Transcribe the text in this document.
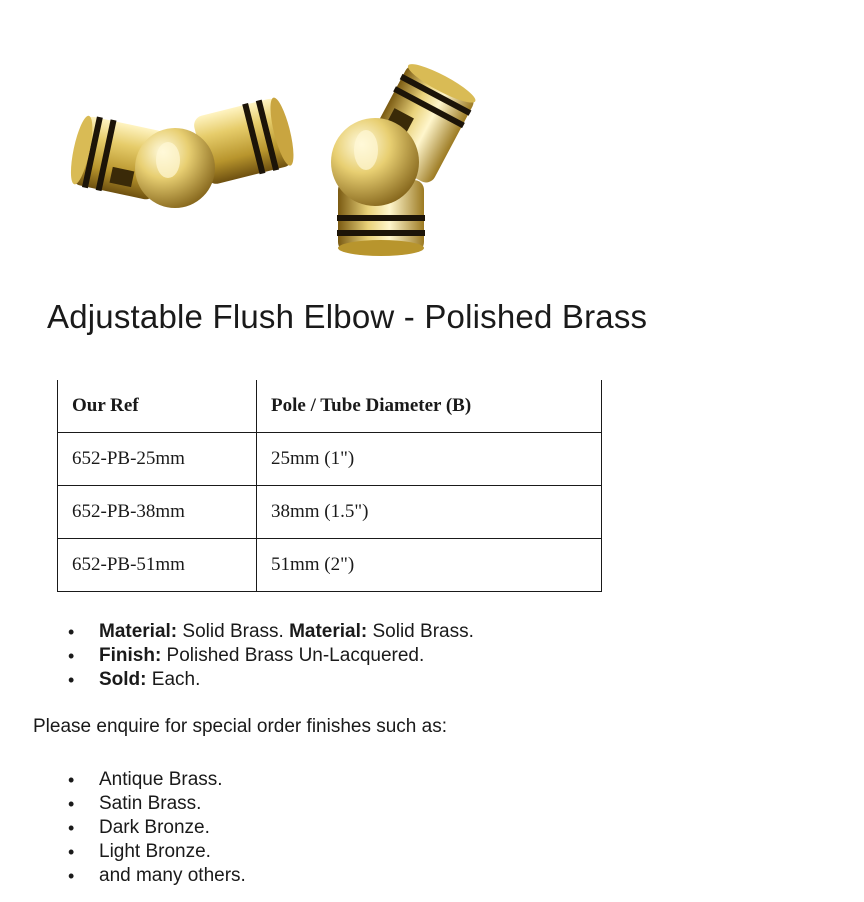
Adjustable Flush Elbow - Polished Brass
Our Ref	Pole / Tube Diameter (B)
652-PB-25mm	25mm (1")
652-PB-38mm	38mm (1.5")
652-PB-51mm	51mm (2")
• Material: Solid Brass. Material: Solid Brass.
• Finish: Polished Brass Un-Lacquered.
• Sold: Each.

Please enquire for special order finishes such as:

• Antique Brass.
• Satin Brass.
• Dark Bronze.
• Light Bronze.
• and many others.
